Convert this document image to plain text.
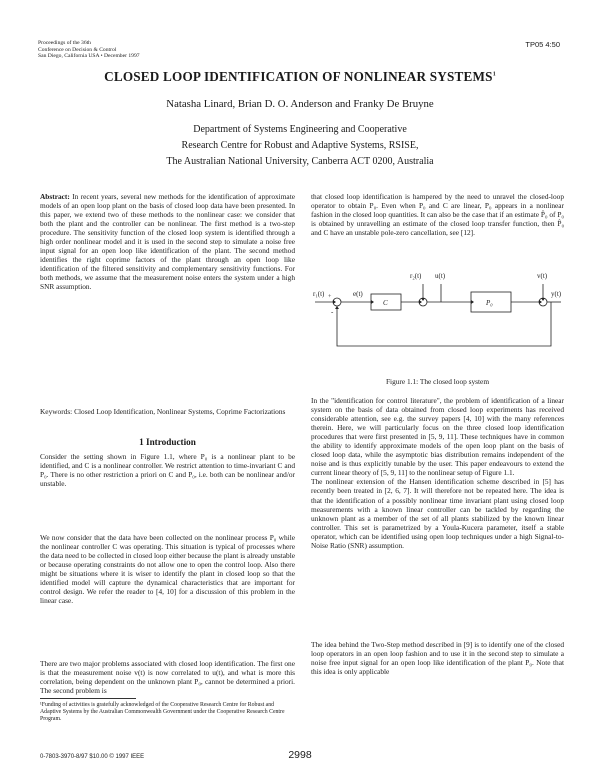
Proceedings of the 36th
Conference on Decision & Control
San Diego, California USA • December 1997
TP05 4:50
CLOSED LOOP IDENTIFICATION OF NONLINEAR SYSTEMS$^1$
Natasha Linard, Brian D. O. Anderson and Franky De Bruyne
Department of Systems Engineering and Cooperative
Research Centre for Robust and Adaptive Systems, RSISE,
The Australian National University, Canberra ACT 0200, Australia

Abstract: In recent years, several new methods for the identification of approximate models of an open loop plant on the basis of closed loop data have been presented. In this paper, we extend two of these methods to the nonlinear case: we consider that both the plant and the controller can be nonlinear. The first method is a two-step procedure. The sensitivity function of the closed loop system is identified through a high order nonlinear model and it is used in the second step to simulate a noise free input signal for an open loop like identification of the plant. The second method identifies the right coprime factors of the plant through an open loop like identification of the filtered sensitivity and complementary sensitivity functions. For both methods, we assume that the measurement noise enters the system under a high SNR assumption.

Keywords: Closed Loop Identification, Nonlinear Systems, Coprime Factorizations

1 Introduction

Consider the setting shown in Figure 1.1, where P₀ is a nonlinear plant to be identified, and C is a nonlinear controller. We restrict attention to time-invariant C and P₀. There is no other restriction a priori on C and P₀, i.e. both can be nonlinear and/or unstable.

We now consider that the data have been collected on the nonlinear process P₀ while the nonlinear controller C was operating. This situation is typical of processes where the data need to be collected in closed loop either because the plant is already unstable or because operating constraints do not allow one to open the control loop. Also there might be situations where it is wiser to identify the plant in closed loop so that the identified model will capture the dynamical characteristics that are important for control design. We refer the reader to [4, 10] for a discussion of this problem in the linear case.

There are two major problems associated with closed loop identification. The first one is that the measurement noise v(t) is now correlated to u(t), and what is more this correlation, being dependent on the unknown plant P₀, cannot be determined a priori. The second problem is

¹Funding of activities is gratefully acknowledged of the Cooperative Research Centre for Robust and Adaptive Systems by the Australian Commonwealth Government under the Cooperative Research Centre Program.
0-7803-3970-8/97 $10.00 © 1997 IEEE	2998

that closed loop identification is hampered by the need to unravel the closed-loop operator to obtain P₀. Even when P₀ and C are linear, P₀ appears in a nonlinear fashion in the closed loop quantities. It can also be the case that if an estimate P̂₀ of P₀ is obtained by unravelling an estimate of the closed loop transfer function, then P̂₀ and C have an unstable pole-zero cancellation, see [12].

r₁(t)	e(t)
C
r₂(t) u(t)
P₀
v(t)
y(t)
+
-
Figure 1.1: The closed loop system

In the "identification for control literature", the problem of identification of a linear system on the basis of data obtained from closed loop experiments has received considerable attention, see e.g. the survey papers [4, 10] with the many references therein. Here, we will particularly focus on the three closed loop identification procedures that were first presented in [5, 9, 11]. These techniques have in common the ability to identify approximate models of the open loop plant on the basis of closed loop data, while the asymptotic bias distribution remains independent of the noise and is thus explicitly tunable by the user. This paper endeavours to extend the current linear theory of [5, 9, 11] to the nonlinear setup of Figure 1.1.

The nonlinear extension of the Hansen identification scheme described in [5] has recently been treated in [2, 6, 7]. It will therefore not be repeated here. The idea is that the identification of a possibly nonlinear time invariant plant using closed loop measurements with a known linear controller can be tackled by regarding the unknown plant as a member of the set of all plants stabilized by the known linear controller. This set is parametrized by a Youla-Kucera parameter, itself a stable operator, which can be identified using open loop techniques under a high Signal-to-Noise Ratio (SNR) assumption.

The idea behind the Two-Step method described in [9] is to identify one of the closed loop operators in an open loop fashion and to use it in the second step to simulate a noise free input signal for an open loop like identification of the plant P₀. Note that this idea is only applicable
